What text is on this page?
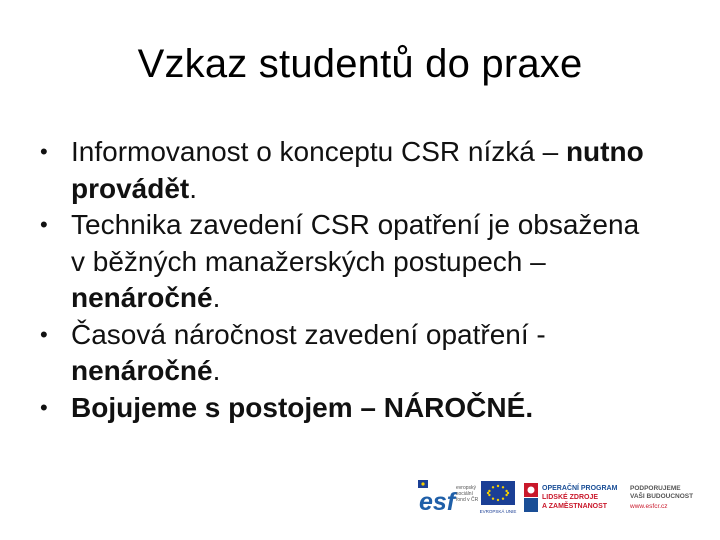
Vzkaz studentů do praxe
• Informovanost o konceptu CSR nízká – nutno provádět.
• Technika zavedení CSR opatření je obsažena v běžných manažerských postupech – nenáročné.
• Časová náročnost zavedení opatření - nenáročné.
• Bojujeme s postojem – NÁROČNÉ.
esf evropský
sociální
fond v ČR
EVROPSKÁ UNIE
OPERAČNÍ PROGRAM
LIDSKÉ ZDROJE
A ZAMĚSTNANOST
PODPORUJEME
VAŠI BUDOUCNOST
www.esfcr.cz
